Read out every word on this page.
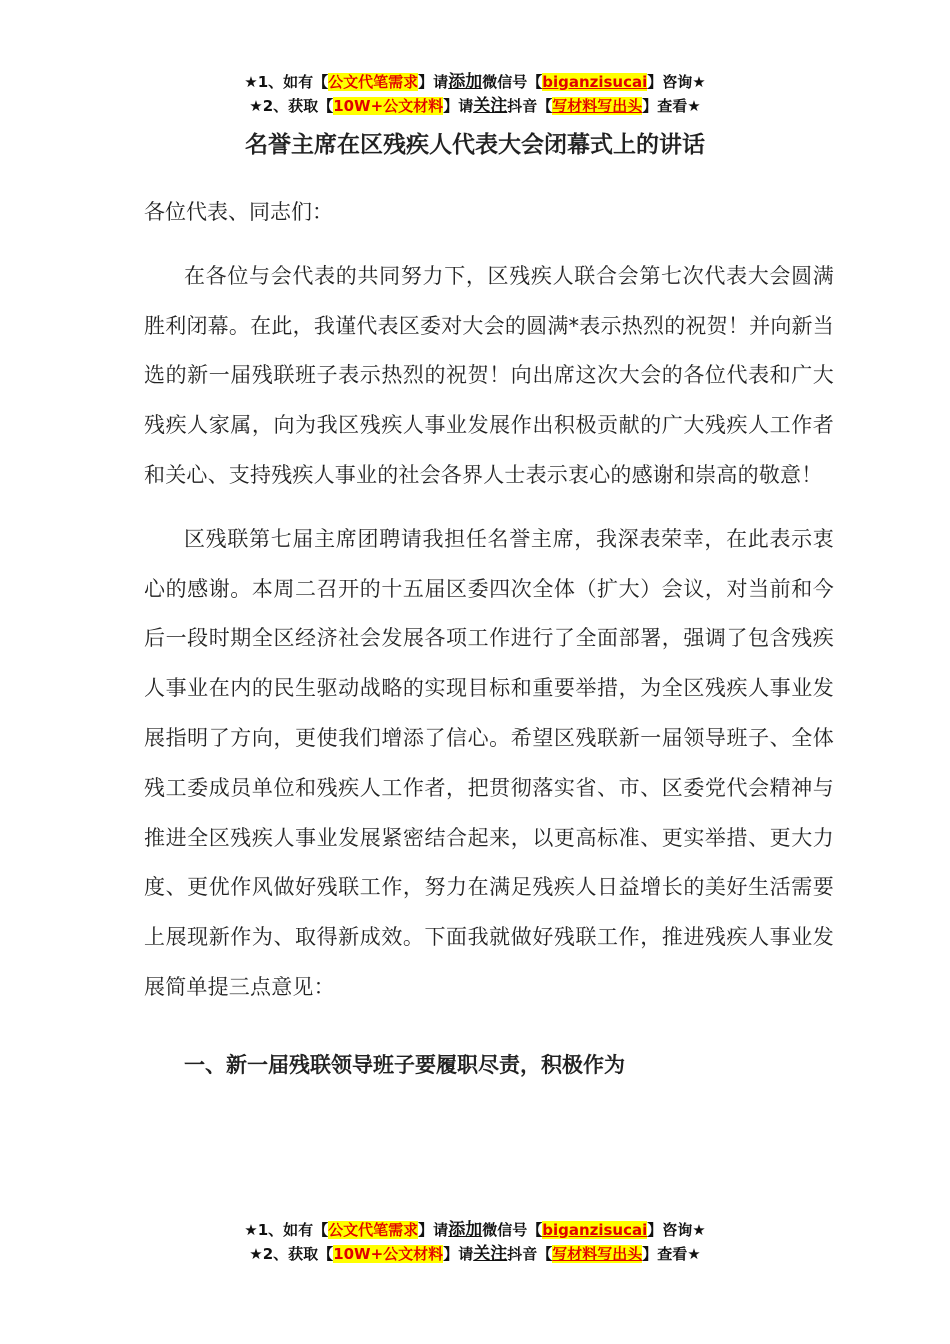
★1、如有【公文代笔需求】请添加微信号【biganzisucai】咨询★
★2、获取【10W+公文材料】请关注抖音【写材料写出头】查看★
名誉主席在区残疾人代表大会闭幕式上的讲话

各位代表、同志们：

在各位与会代表的共同努力下，区残疾人联合会第七次代表大会圆满胜利闭幕。在此，我谨代表区委对大会的圆满*表示热烈的祝贺！并向新当选的新一届残联班子表示热烈的祝贺！向出席这次大会的各位代表和广大残疾人家属，向为我区残疾人事业发展作出积极贡献的广大残疾人工作者和关心、支持残疾人事业的社会各界人士表示衷心的感谢和崇高的敬意！

区残联第七届主席团聘请我担任名誉主席，我深表荣幸，在此表示衷心的感谢。本周二召开的十五届区委四次全体（扩大）会议，对当前和今后一段时期全区经济社会发展各项工作进行了全面部署，强调了包含残疾人事业在内的民生驱动战略的实现目标和重要举措，为全区残疾人事业发展指明了方向，更使我们增添了信心。希望区残联新一届领导班子、全体残工委成员单位和残疾人工作者，把贯彻落实省、市、区委党代会精神与推进全区残疾人事业发展紧密结合起来，以更高标准、更实举措、更大力度、更优作风做好残联工作，努力在满足残疾人日益增长的美好生活需要上展现新作为、取得新成效。下面我就做好残联工作，推进残疾人事业发展简单提三点意见：

一、新一届残联领导班子要履职尽责，积极作为

★1、如有【公文代笔需求】请添加微信号【biganzisucai】咨询★
★2、获取【10W+公文材料】请关注抖音【写材料写出头】查看★
